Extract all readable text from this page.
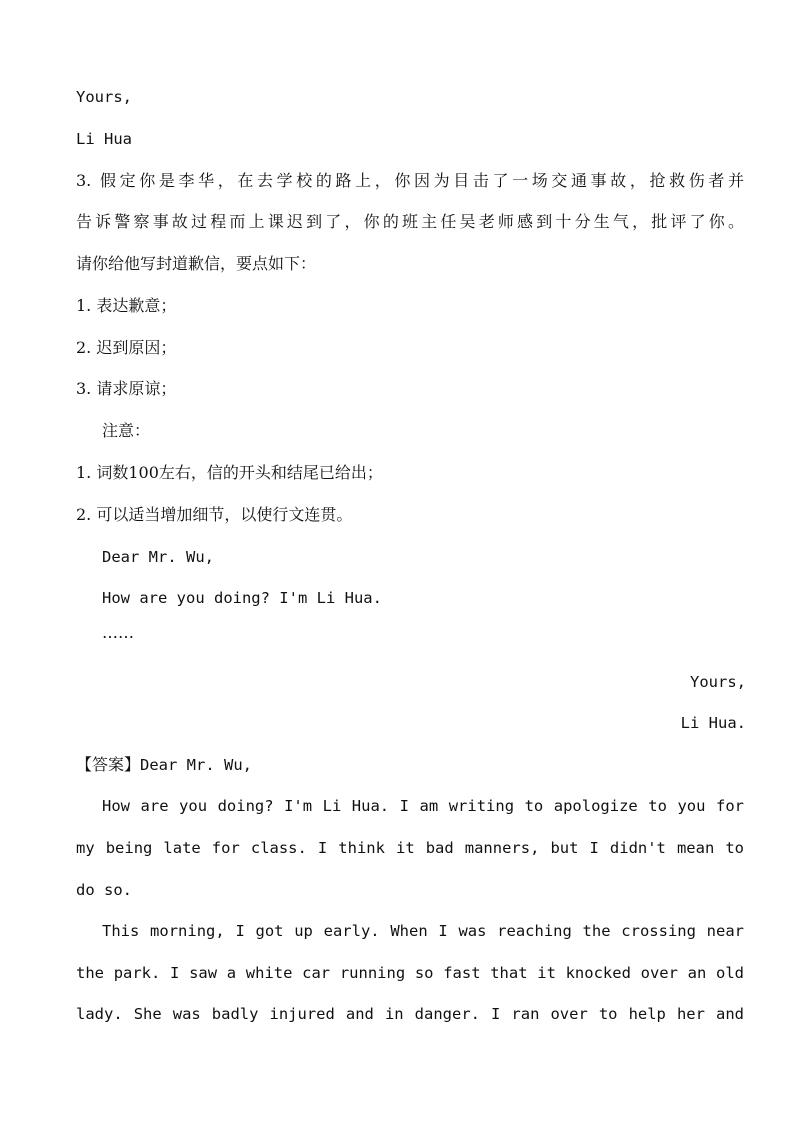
Yours,
Li Hua
3. 假定你是李华，在去学校的路上，你因为目击了一场交通事故，抢救伤者并
告诉警察事故过程而上课迟到了，你的班主任吴老师感到十分生气，批评了你。
请你给他写封道歉信，要点如下：
1. 表达歉意；
2. 迟到原因；
3. 请求原谅；
注意：
1. 词数100左右，信的开头和结尾已给出；
2. 可以适当增加细节，以使行文连贯。
Dear Mr. Wu,
How are you doing? I'm Li Hua.
……
Yours,
Li Hua.
【答案】Dear Mr. Wu,
How are you doing? I'm Li Hua. I am writing to apologize to you for
my being late for class. I think it bad manners, but I didn't mean to
do so.
This morning, I got up early. When I was reaching the crossing near
the park. I saw a white car running so fast that it knocked over an old
lady. She was badly injured and in danger. I ran over to help her and
